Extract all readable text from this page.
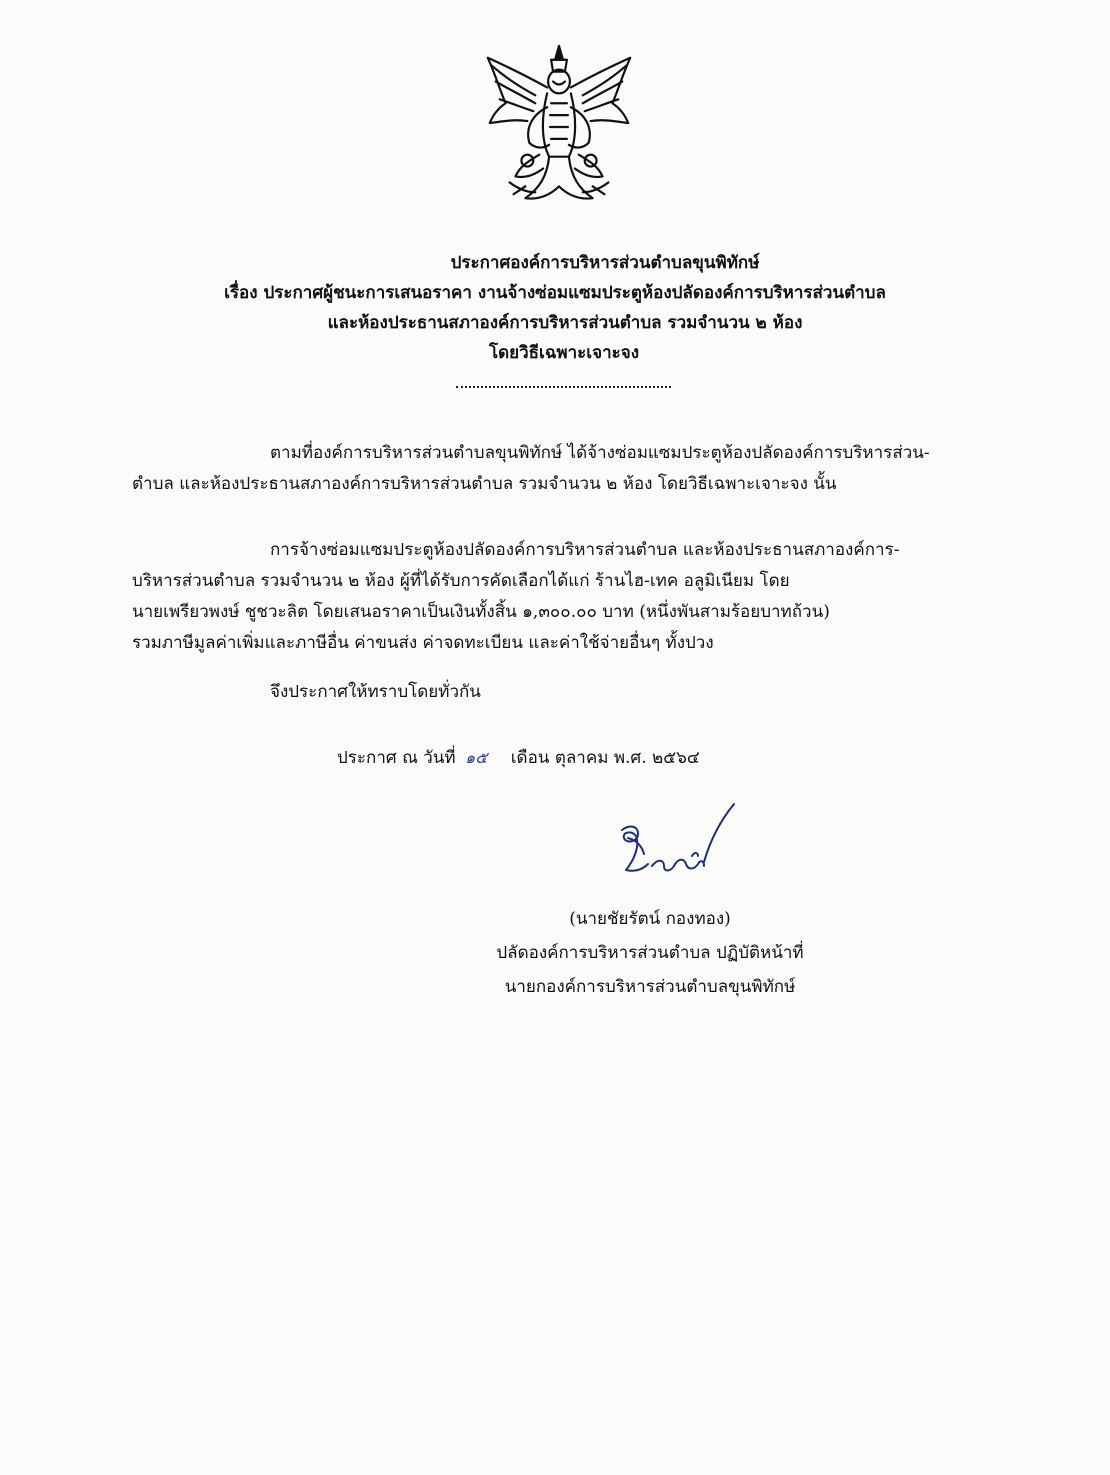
ประกาศองค์การบริหารส่วนตำบลขุนพิทักษ์
เรื่อง ประกาศผู้ชนะการเสนอราคา งานจ้างซ่อมแซมประตูห้องปลัดองค์การบริหารส่วนตำบล
และห้องประธานสภาองค์การบริหารส่วนตำบล รวมจำนวน ๒ ห้อง
โดยวิธีเฉพาะเจาะจง
ตามที่องค์การบริหารส่วนตำบลขุนพิทักษ์ ได้จ้างซ่อมแซมประตูห้องปลัดองค์การบริหารส่วน-
ตำบล และห้องประธานสภาองค์การบริหารส่วนตำบล รวมจำนวน ๒ ห้อง โดยวิธีเฉพาะเจาะจง นั้น
การจ้างซ่อมแซมประตูห้องปลัดองค์การบริหารส่วนตำบล และห้องประธานสภาองค์การ-
บริหารส่วนตำบล รวมจำนวน ๒ ห้อง ผู้ที่ได้รับการคัดเลือกได้แก่ ร้านไฮ-เทค อลูมิเนียม โดย
นายเพรียวพงษ์ ชูชวะลิต โดยเสนอราคาเป็นเงินทั้งสิ้น ๑,๓๐๐.๐๐ บาท (หนึ่งพันสามร้อยบาทถ้วน)
รวมภาษีมูลค่าเพิ่มและภาษีอื่น ค่าขนส่ง ค่าจดทะเบียน และค่าใช้จ่ายอื่นๆ ทั้งปวง
จึงประกาศให้ทราบโดยทั่วกัน
ประกาศ ณ วันที่ ๑๕ เดือน ตุลาคม พ.ศ. ๒๕๖๔
(นายชัยรัตน์ กองทอง)
ปลัดองค์การบริหารส่วนตำบล ปฏิบัติหน้าที่
นายกองค์การบริหารส่วนตำบลขุนพิทักษ์
